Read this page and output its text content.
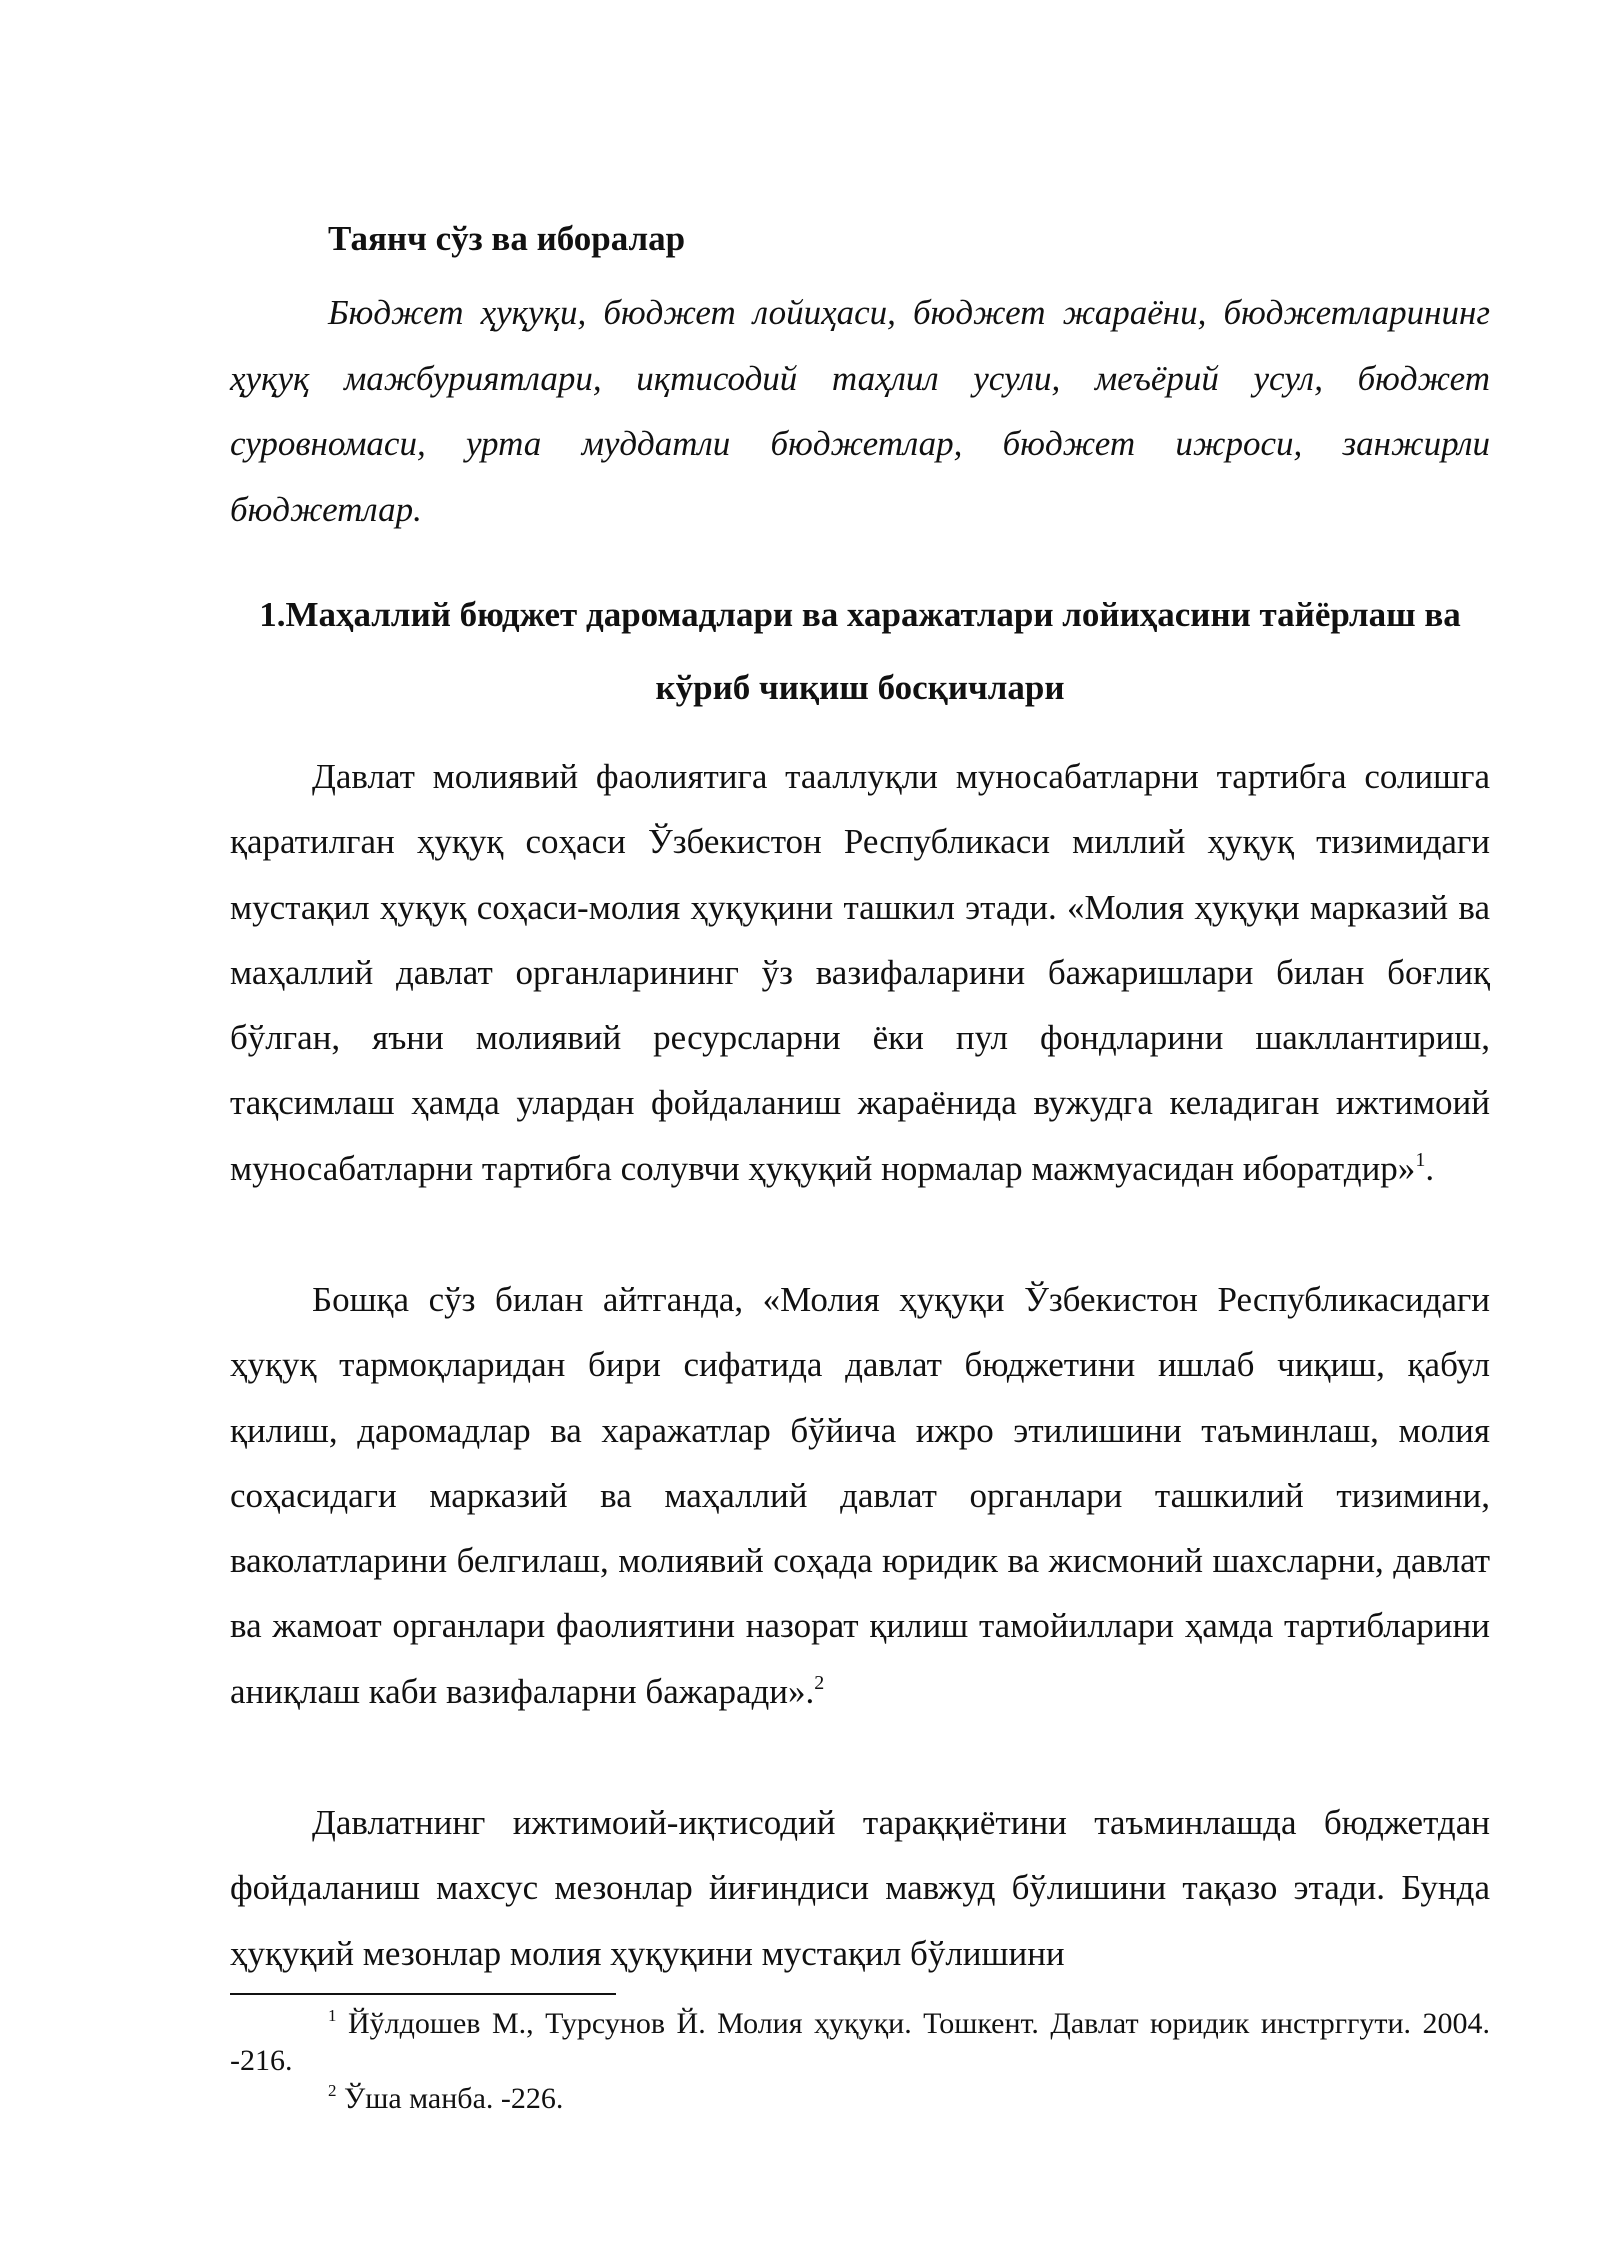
Таянч сўз ва иборалар

Бюджет ҳуқуқи, бюджет лойиҳаси, бюджет жараёни, бюджетларининг ҳуқуқ мажбуриятлари, иқтисодий таҳлил усули, меъёрий усул, бюджет суровномаси, урта муддатли бюджетлар, бюджет ижроси, занжирли бюджетлар.

1.Маҳаллий бюджет даромадлари ва харажатлари лойиҳасини тайёрлаш ва кўриб чиқиш босқичлари

Давлат молиявий фаолиятига тааллуқли муносабатларни тартибга солишга қаратилган ҳуқуқ соҳаси Ўзбекистон Республикаси миллий ҳуқуқ тизимидаги мустақил ҳуқуқ соҳаси-молия ҳуқуқини ташкил этади. «Молия ҳуқуқи марказий ва маҳаллий давлат органларининг ўз вазифаларини бажаришлари билан боғлиқ бўлган, яъни молиявий ресурсларни ёки пул фондларини шакллантириш, тақсимлаш ҳамда улардан фойдаланиш жараёнида вужудга келадиган ижтимоий муносабатларни тартибга солувчи ҳуқуқий нормалар мажмуасидан иборатдир»$^1$.

Бошқа сўз билан айтганда, «Молия ҳуқуқи Ўзбекистон Республикасидаги ҳуқуқ тармоқларидан бири сифатида давлат бюджетини ишлаб чиқиш, қабул қилиш, даромадлар ва харажатлар бўйича ижро этилишини таъминлаш, молия соҳасидаги марказий ва маҳаллий давлат органлари ташкилий тизимини, ваколатларини белгилаш, молиявий соҳада юридик ва жисмоний шахсларни, давлат ва жамоат органлари фаолиятини назорат қилиш тамойиллари ҳамда тартибларини аниқлаш каби вазифаларни бажаради».$^2$

Давлатнинг ижтимоий-иқтисодий тараққиётини таъминлашда бюджетдан фойдаланиш махсус мезонлар йиғиндиси мавжуд бўлишини тақазо этади. Бунда ҳуқуқий мезонлар молия ҳуқуқини мустақил бўлишини

$^1$ Йўлдошев М., Турсунов Й. Молия ҳуқуқи. Тошкент. Давлат юридик инстрггути. 2004. -216.

$^2$ Ўша манба. -226.
